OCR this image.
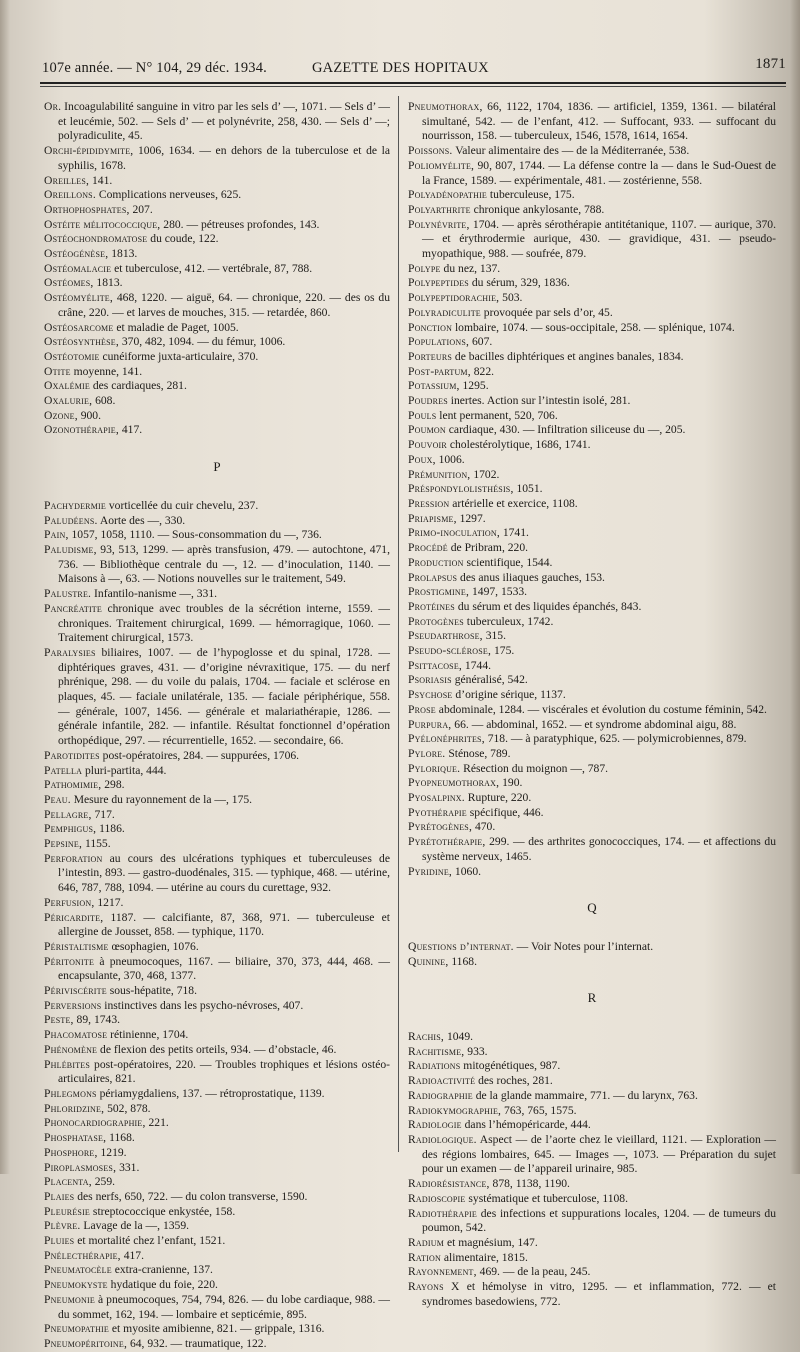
107e année. — N° 104, 29 déc. 1934.	GAZETTE DES HOPITAUX	1871

Or. Incoagulabilité sanguine in vitro par les sels d’ —, 1071. — Sels d’ — et leucémie, 502. — Sels d’ — et polynévrite, 258, 430. — Sels d’ —; polyradiculite, 45.

Orchi-épididymite, 1006, 1634. — en dehors de la tuberculose et de la syphilis, 1678.

Oreilles, 141.

Oreillons. Complications nerveuses, 625.

Orthophosphates, 207.

Ostéite mélitococcique, 280. — pétreuses profondes, 143.

Ostéochondromatose du coude, 122.

Ostéogénèse, 1813.

Ostéomalacie et tuberculose, 412. — vertébrale, 87, 788.

Ostéomes, 1813.

Ostéomyélite, 468, 1220. — aiguë, 64. — chronique, 220. — des os du crâne, 220. — et larves de mouches, 315. — retardée, 860.

Ostéosarcome et maladie de Paget, 1005.

Ostéosynthèse, 370, 482, 1094. — du fémur, 1006.

Ostéotomie cunéiforme juxta-articulaire, 370.

Otite moyenne, 141.

Oxalémie des cardiaques, 281.

Oxalurie, 608.

Ozone, 900.

Ozonothérapie, 417.

P

Pachydermie vorticellée du cuir chevelu, 237.

Paludéens. Aorte des —, 330.

Pain, 1057, 1058, 1110. — Sous-consommation du —, 736.

Paludisme, 93, 513, 1299. — après transfusion, 479. — autochtone, 471, 736. — Bibliothèque centrale du —, 12. — d’inoculation, 1140. — Maisons à —, 63. — Notions nouvelles sur le traitement, 549.

Palustre. Infantilo-nanisme —, 331.

Pancréatite chronique avec troubles de la sécrétion interne, 1559. — chroniques. Traitement chirurgical, 1699. — hémorragique, 1060. — Traitement chirurgical, 1573.

Paralysies biliaires, 1007. — de l’hypoglosse et du spinal, 1728. — diphtériques graves, 431. — d’origine névraxitique, 175. — du nerf phrénique, 298. — du voile du palais, 1704. — faciale et sclérose en plaques, 45. — faciale unilatérale, 135. — faciale périphérique, 558. — générale, 1007, 1456. — générale et malariathérapie, 1286. — générale infantile, 282. — infantile. Résultat fonctionnel d’opération orthopédique, 297. — récurrentielle, 1652. — secondaire, 66.

Parotidites post-opératoires, 284. — suppurées, 1706.

Patella pluri-partita, 444.

Pathomimie, 298.

Peau. Mesure du rayonnement de la —, 175.

Pellagre, 717.

Pemphigus, 1186.

Pepsine, 1155.

Perforation au cours des ulcérations typhiques et tuberculeuses de l’intestin, 893. — gastro-duodénales, 315. — typhique, 468. — utérine, 646, 787, 788, 1094. — utérine au cours du curettage, 932.

Perfusion, 1217.

Péricardite, 1187. — calcifiante, 87, 368, 971. — tuberculeuse et allergine de Jousset, 858. — typhique, 1170.

Péristaltisme œsophagien, 1076.

Péritonite à pneumocoques, 1167. — biliaire, 370, 373, 444, 468. — encapsulante, 370, 468, 1377.

Périviscérite sous-hépatite, 718.

Perversions instinctives dans les psycho-névroses, 407.

Peste, 89, 1743.

Phacomatose rétinienne, 1704.

Phénomène de flexion des petits orteils, 934. — d’obstacle, 46.

Phlébites post-opératoires, 220. — Troubles trophiques et lésions ostéo-articulaires, 821.

Phlegmons périamygdaliens, 137. — rétroprostatique, 1139.

Phloridzine, 502, 878.

Phonocardiographie, 221.

Phosphatase, 1168.

Phosphore, 1219.

Piroplasmoses, 331.

Placenta, 259.

Plaies des nerfs, 650, 722. — du colon transverse, 1590.

Pleurésie streptococcique enkystée, 158.

Plèvre. Lavage de la —, 1359.

Pluies et mortalité chez l’enfant, 1521.

Pnélecthérapie, 417.

Pneumatocèle extra-cranienne, 137.

Pneumokyste hydatique du foie, 220.

Pneumonie à pneumocoques, 754, 794, 826. — du lobe cardiaque, 988. — du sommet, 162, 194. — lombaire et septicémie, 895.

Pneumopathie et myosite amibienne, 821. — grippale, 1316.

Pneumopéritoine, 64, 932. — traumatique, 122.

Pneumothorax, 66, 1122, 1704, 1836. — artificiel, 1359, 1361. — bilatéral simultané, 542. — de l’enfant, 412. — Suffocant, 933. — suffocant du nourrisson, 158. — tuberculeux, 1546, 1578, 1614, 1654.

Poissons. Valeur alimentaire des — de la Méditerranée, 538.

Poliomyélite, 90, 807, 1744. — La défense contre la — dans le Sud-Ouest de la France, 1589. — expérimentale, 481. — zostérienne, 558.

Polyadénopathie tuberculeuse, 175.

Polyarthrite chronique ankylosante, 788.

Polynévrite, 1704. — après sérothérapie antitétanique, 1107. — aurique, 370. — et érythrodermie aurique, 430. — gravidique, 431. — pseudo-myopathique, 988. — soufrée, 879.

Polype du nez, 137.

Polypeptides du sérum, 329, 1836.

Polypeptidorachie, 503.

Polyradiculite provoquée par sels d’or, 45.

Ponction lombaire, 1074. — sous-occipitale, 258. — splénique, 1074.

Populations, 607.

Porteurs de bacilles diphtériques et angines banales, 1834.

Post-partum, 822.

Potassium, 1295.

Poudres inertes. Action sur l’intestin isolé, 281.

Pouls lent permanent, 520, 706.

Poumon cardiaque, 430. — Infiltration siliceuse du —, 205.

Pouvoir cholestérolytique, 1686, 1741.

Poux, 1006.

Prémunition, 1702.

Préspondylolisthésis, 1051.

Pression artérielle et exercice, 1108.

Priapisme, 1297.

Primo-inoculation, 1741.

Procédé de Pribram, 220.

Production scientifique, 1544.

Prolapsus des anus iliaques gauches, 153.

Prostigmine, 1497, 1533.

Protéines du sérum et des liquides épanchés, 843.

Protogènes tuberculeux, 1742.

Pseudarthrose, 315.

Pseudo-sclérose, 175.

Psittacose, 1744.

Psoriasis généralisé, 542.

Psychose d’origine sérique, 1137.

Prose abdominale, 1284. — viscérales et évolution du costume féminin, 542.

Purpura, 66. — abdominal, 1652. — et syndrome abdominal aigu, 88.

Pyélonéphrites, 718. — à paratyphique, 625. — polymicrobiennes, 879.

Pylore. Sténose, 789.

Pylorique. Résection du moignon —, 787.

Pyopneumothorax, 190.

Pyosalpinx. Rupture, 220.

Pyothérapie spécifique, 446.

Pyrétogènes, 470.

Pyrétothérapie, 299. — des arthrites gonococciques, 174. — et affections du système nerveux, 1465.

Pyridine, 1060.

Q

Questions d’internat. — Voir Notes pour l’internat.

Quinine, 1168.

R

Rachis, 1049.

Rachitisme, 933.

Radiations mitogénétiques, 987.

Radioactivité des roches, 281.

Radiographie de la glande mammaire, 771. — du larynx, 763.

Radiokymographie, 763, 765, 1575.

Radiologie dans l’hémopéricarde, 444.

Radiologique. Aspect — de l’aorte chez le vieillard, 1121. — Exploration — des régions lombaires, 645. — Images —, 1073. — Préparation du sujet pour un examen — de l’appareil urinaire, 985.

Radiorésistance, 878, 1138, 1190.

Radioscopie systématique et tuberculose, 1108.

Radiothérapie des infections et suppurations locales, 1204. — de tumeurs du poumon, 542.

Radium et magnésium, 147.

Ration alimentaire, 1815.

Rayonnement, 469. — de la peau, 245.

Rayons X et hémolyse in vitro, 1295. — et inflammation, 772. — et syndromes basedowiens, 772.
